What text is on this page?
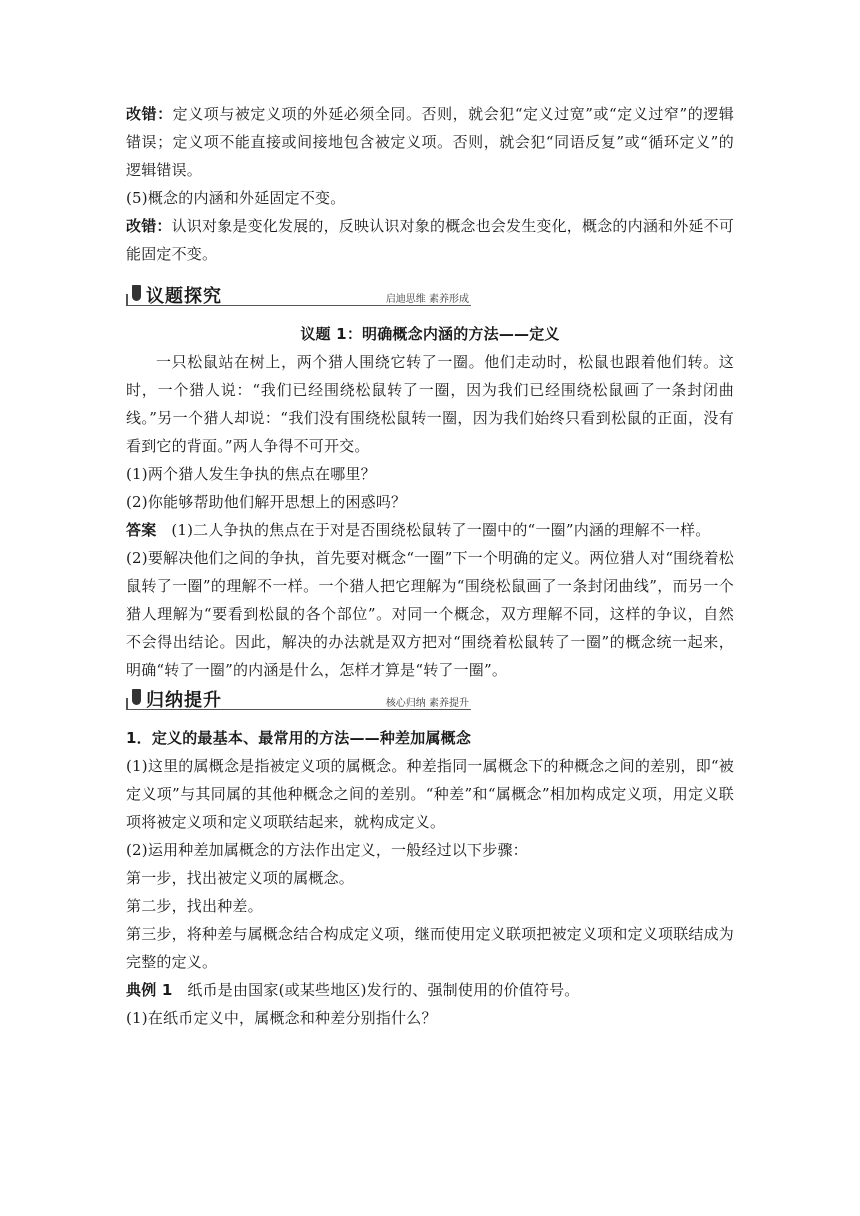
改错：定义项与被定义项的外延必须全同。否则，就会犯“定义过宽”或“定义过窄”的逻辑错误；定义项不能直接或间接地包含被定义项。否则，就会犯“同语反复”或“循环定义”的逻辑错误。

(5)概念的内涵和外延固定不变。

改错：认识对象是变化发展的，反映认识对象的概念也会发生变化，概念的内涵和外延不可能固定不变。

议题探究	启迪思维 素养形成

议题 1：明确概念内涵的方法——定义

一只松鼠站在树上，两个猎人围绕它转了一圈。他们走动时，松鼠也跟着他们转。这时，一个猎人说：“我们已经围绕松鼠转了一圈，因为我们已经围绕松鼠画了一条封闭曲线。”另一个猎人却说：“我们没有围绕松鼠转一圈，因为我们始终只看到松鼠的正面，没有看到它的背面。”两人争得不可开交。

(1)两个猎人发生争执的焦点在哪里？

(2)你能够帮助他们解开思想上的困惑吗？

答案 (1)二人争执的焦点在于对是否围绕松鼠转了一圈中的“一圈”内涵的理解不一样。

(2)要解决他们之间的争执，首先要对概念“一圈”下一个明确的定义。两位猎人对“围绕着松鼠转了一圈”的理解不一样。一个猎人把它理解为“围绕松鼠画了一条封闭曲线”，而另一个猎人理解为“要看到松鼠的各个部位”。对同一个概念，双方理解不同，这样的争议，自然不会得出结论。因此，解决的办法就是双方把对“围绕着松鼠转了一圈”的概念统一起来，明确“转了一圈”的内涵是什么，怎样才算是“转了一圈”。

归纳提升	核心归纳 素养提升

1．定义的最基本、最常用的方法——种差加属概念

(1)这里的属概念是指被定义项的属概念。种差指同一属概念下的种概念之间的差别，即“被定义项”与其同属的其他种概念之间的差别。“种差”和“属概念”相加构成定义项，用定义联项将被定义项和定义项联结起来，就构成定义。

(2)运用种差加属概念的方法作出定义，一般经过以下步骤：

第一步，找出被定义项的属概念。

第二步，找出种差。

第三步，将种差与属概念结合构成定义项，继而使用定义联项把被定义项和定义项联结成为完整的定义。

典例 1 纸币是由国家(或某些地区)发行的、强制使用的价值符号。

(1)在纸币定义中，属概念和种差分别指什么？
